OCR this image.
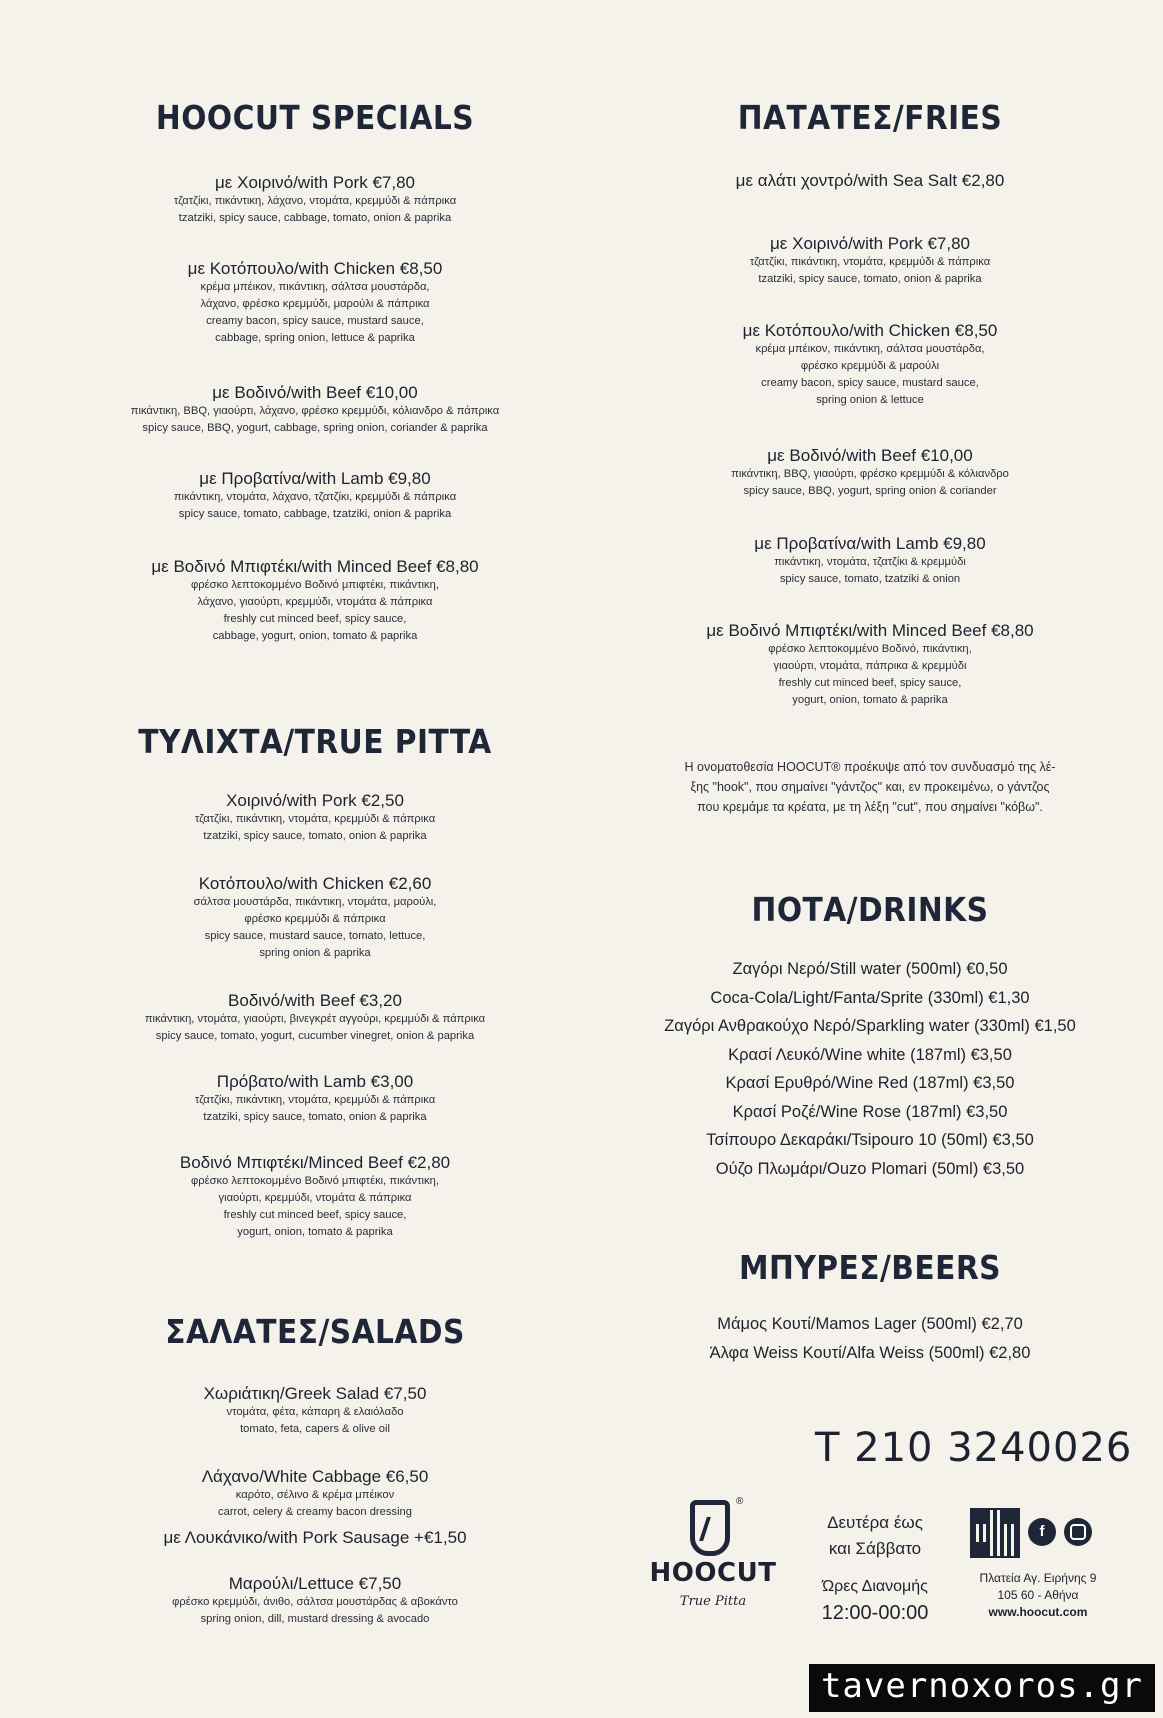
HOOCUT SPECIALS
με Χοιρινό/with Pork €7,80
τζατζίκι, πικάντικη, λάχανο, ντομάτα, κρεμμύδι & πάπρικα
tzatziki, spicy sauce, cabbage, tomato, onion & paprika
με Κοτόπουλο/with Chicken €8,50
κρέμα μπέικον, πικάντικη, σάλτσα μουστάρδα,
λάχανο, φρέσκο κρεμμύδι, μαρούλι & πάπρικα
creamy bacon, spicy sauce, mustard sauce,
cabbage, spring onion, lettuce & paprika
με Βοδινό/with Beef €10,00
πικάντικη, BBQ, γιαούρτι, λάχανο, φρέσκο κρεμμύδι, κόλιανδρο & πάπρικα
spicy sauce, BBQ, yogurt, cabbage, spring onion, coriander & paprika
με Προβατίνα/with Lamb €9,80
πικάντικη, ντομάτα, λάχανο, τζατζίκι, κρεμμύδι & πάπρικα
spicy sauce, tomato, cabbage, tzatziki, onion & paprika
με Βοδινό Μπιφτέκι/with Minced Beef €8,80
φρέσκο λεπτοκομμένο Βοδινό μπιφτέκι, πικάντικη,
λάχανο, γιαούρτι, κρεμμύδι, ντομάτα & πάπρικα
freshly cut minced beef, spicy sauce,
cabbage, yogurt, onion, tomato & paprika
ΤΥΛΙΧΤΑ/TRUE PITTA
Χοιρινό/with Pork €2,50
τζατζίκι, πικάντικη, ντομάτα, κρεμμύδι & πάπρικα
tzatziki, spicy sauce, tomato, onion & paprika
Κοτόπουλο/with Chicken €2,60
σάλτσα μουστάρδα, πικάντικη, ντομάτα, μαρούλι,
φρέσκο κρεμμύδι & πάπρικα
spicy sauce, mustard sauce, tomato, lettuce,
spring onion & paprika
Βοδινό/with Beef €3,20
πικάντικη, ντομάτα, γιαούρτι, βινεγκρέτ αγγούρι, κρεμμύδι & πάπρικα
spicy sauce, tomato, yogurt, cucumber vinegret, onion & paprika
Πρόβατο/with Lamb €3,00
τζατζίκι, πικάντικη, ντομάτα, κρεμμύδι & πάπρικα
tzatziki, spicy sauce, tomato, onion & paprika
Βοδινό Μπιφτέκι/Minced Beef €2,80
φρέσκο λεπτοκομμένο Βοδινό μπιφτέκι, πικάντικη,
γιαούρτι, κρεμμύδι, ντομάτα & πάπρικα
freshly cut minced beef, spicy sauce,
yogurt, onion, tomato & paprika
ΣΑΛΑΤΕΣ/SALADS
Χωριάτικη/Greek Salad €7,50
ντομάτα, φέτα, κάπαρη & ελαιόλαδο
tomato, feta, capers & olive oil
Λάχανο/White Cabbage €6,50
καρότο, σέλινο & κρέμα μπέικον
carrot, celery & creamy bacon dressing
με Λουκάνικο/with Pork Sausage +€1,50
Μαρούλι/Lettuce €7,50
φρέσκο κρεμμύδι, άνιθο, σάλτσα μουστάρδας & αβοκάντο
spring onion, dill, mustard dressing & avocado
ΠΑΤΑΤΕΣ/FRIES
με αλάτι χοντρό/with Sea Salt €2,80
με Χοιρινό/with Pork €7,80
τζατζίκι, πικάντικη, ντομάτα, κρεμμύδι & πάπρικα
tzatziki, spicy sauce, tomato, onion & paprika
με Κοτόπουλο/with Chicken €8,50
κρέμα μπέικον, πικάντικη, σάλτσα μουστάρδα,
φρέσκο κρεμμύδι & μαρούλι
creamy bacon, spicy sauce, mustard sauce,
spring onion & lettuce
με Βοδινό/with Beef €10,00
πικάντικη, BBQ, γιαούρτι, φρέσκο κρεμμύδι & κόλιανδρο
spicy sauce, BBQ, yogurt, spring onion & coriander
με Προβατίνα/with Lamb €9,80
πικάντικη, ντομάτα, τζατζίκι & κρεμμύδι
spicy sauce, tomato, tzatziki & onion
με Βοδινό Μπιφτέκι/with Minced Beef €8,80
φρέσκο λεπτοκομμένο Βοδινό, πικάντικη,
γιαούρτι, ντομάτα, πάπρικα & κρεμμύδι
freshly cut minced beef, spicy sauce,
yogurt, onion, tomato & paprika
Η ονοματοθεσία HOOCUT® προέκυψε από τον συνδυασμό της λέ-
ξης "hook", που σημαίνει "γάντζος" και, εν προκειμένω, ο γάντζος
που κρεμάμε τα κρέατα, με τη λέξη "cut", που σημαίνει "κόβω".
ΠΟΤΑ/DRINKS
Ζαγόρι Νερό/Still water (500ml) €0,50
Coca-Cola/Light/Fanta/Sprite (330ml) €1,30
Ζαγόρι Ανθρακούχο Νερό/Sparkling water (330ml) €1,50
Κρασί Λευκό/Wine white (187ml) €3,50
Κρασί Ερυθρό/Wine Red (187ml) €3,50
Κρασί Ροζέ/Wine Rose (187ml) €3,50
Τσίπουρο Δεκαράκι/Tsipouro 10 (50ml) €3,50
Ούζο Πλωμάρι/Ouzo Plomari (50ml) €3,50
ΜΠΥΡΕΣ/BEERS
Μάμος Κουτί/Mamos Lager (500ml) €2,70
Άλφα Weiss Κουτί/Alfa Weiss (500ml) €2,80
T 210 3240026
®
HOOCUT
True Pitta
Δευτέρα έως
και Σάββατο
Ώρες Διανομής
12:00-00:00
f
Πλατεία Αγ. Ειρήνης 9
105 60 - Αθήνα
www.hoocut.com
tavernoxoros.gr
